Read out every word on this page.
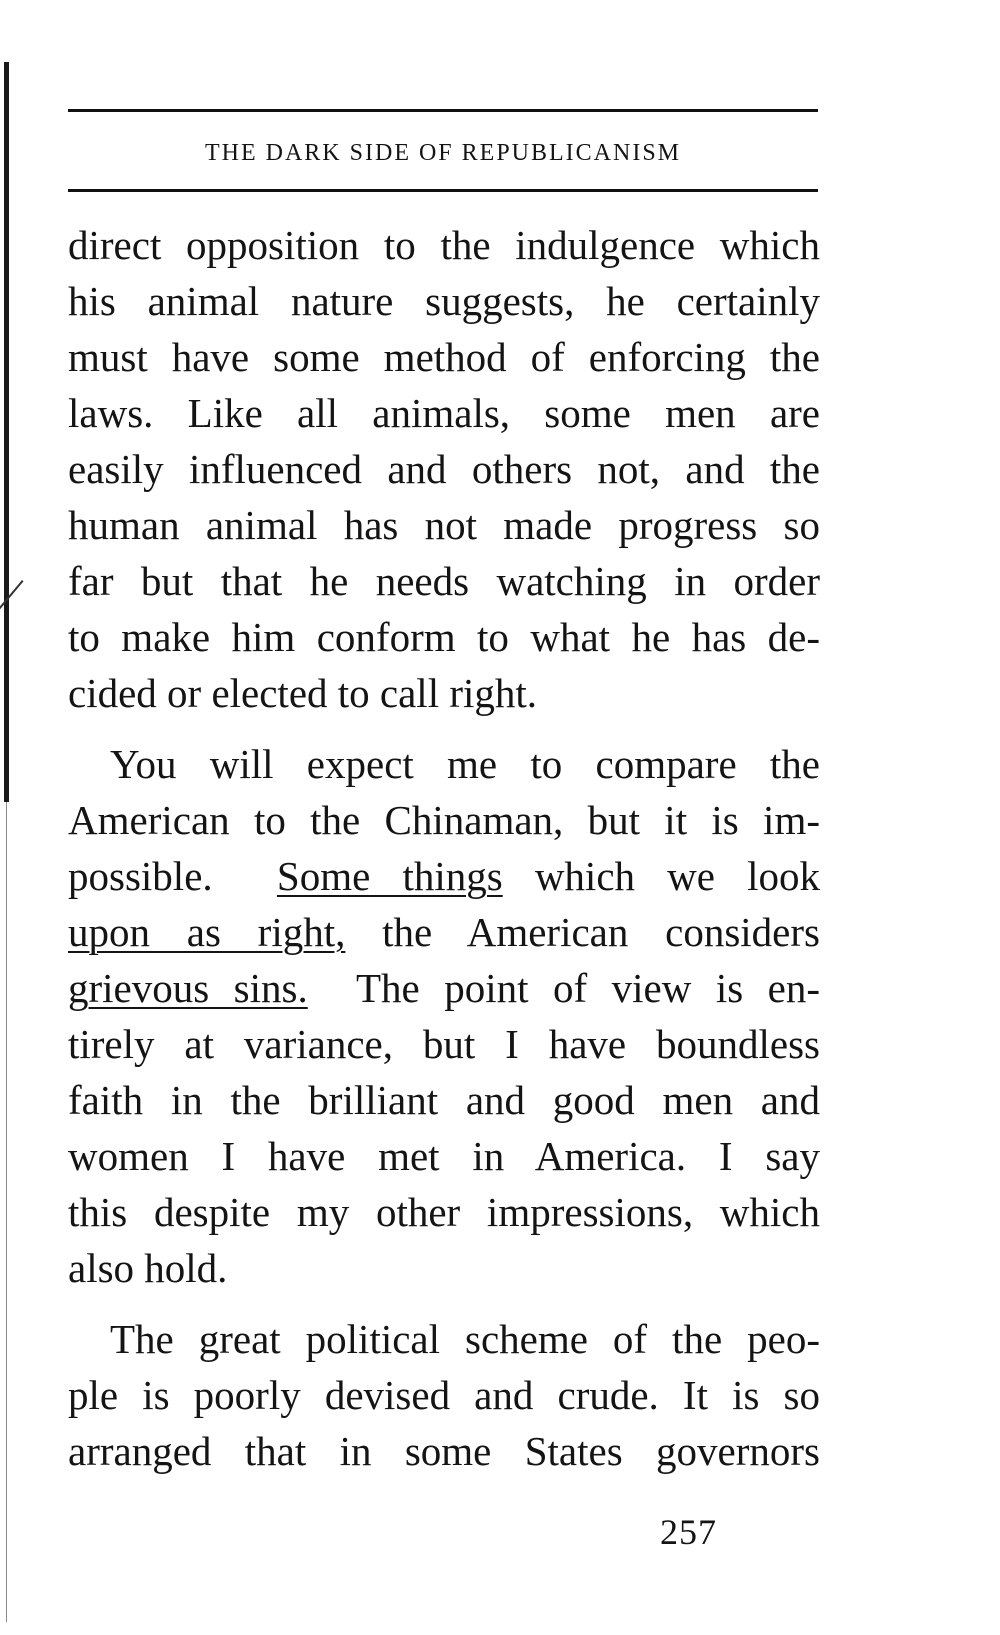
THE DARK SIDE OF REPUBLICANISM
direct opposition to the indulgence which
his animal nature suggests, he certainly
must have some method of enforcing the
laws. Like all animals, some men are
easily influenced and others not, and the
human animal has not made progress so
far but that he needs watching in order
to make him conform to what he has de-
cided or elected to call right.
You will expect me to compare the
American to the Chinaman, but it is im-
possible. Some things which we look
upon as right, the American considers
grievous sins. The point of view is en-
tirely at variance, but I have boundless
faith in the brilliant and good men and
women I have met in America. I say
this despite my other impressions, which
also hold.
The great political scheme of the peo-
ple is poorly devised and crude. It is so
arranged that in some States governors
257
